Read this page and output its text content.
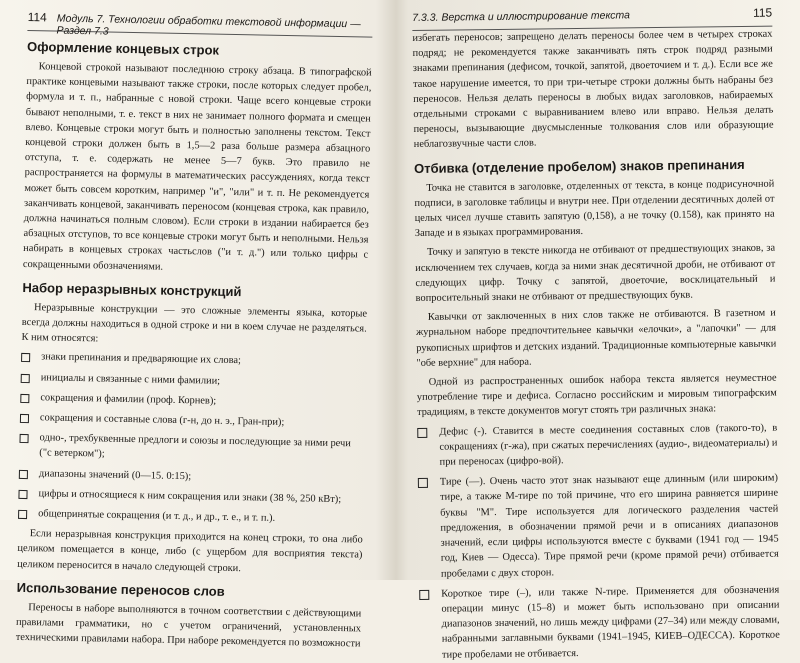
114 Модуль 7. Технологии обработки текстовой информации — Раздел 7.3
Оформление концевых строк

Концевой строкой называют последнюю строку абзаца. В типографской практике концевыми называют также строки, после которых следует пробел, формула и т. п., набранные с новой строки. Чаще всего концевые строки бывают неполными, т. е. текст в них не занимает полного формата и смещен влево. Концевые строки могут быть и полностью заполнены текстом. Текст концевой строки должен быть в 1,5—2 раза больше размера абзацного отступа, т. е. содержать не менее 5—7 букв. Это правило не распространяется на формулы в математических рассуждениях, когда текст может быть совсем коротким, например "и", "или" и т. п. Не рекомендуется заканчивать концевой, заканчивать переносом (концевая строка, как правило, должна начинаться полным словом). Если строки в издании набирается без абзацных отступов, то все концевые строки могут быть и неполными. Нельзя набирать в концевых строках частьслов ("и т. д.") или только цифры с сокращенными обозначениями.

Набор неразрывных конструкций

Неразрывные конструкции — это сложные элементы языка, которые всегда должны находиться в одной строке и ни в коем случае не разделяться. К ним относятся:

знаки препинания и предваряющие их слова;
инициалы и связанные с ними фамилии;
сокращения и фамилии (проф. Корнев);
сокращения и составные слова (г-н, до н. э., Гран-при);
одно-, трехбуквенные предлоги и союзы и последующие за ними речи ("с ветерком");
диапазоны значений (0—15. 0:15);
цифры и относящиеся к ним сокращения или знаки (38 %, 250 кВт);
общепринятые сокращения (и т. д., и др., т. е., и т. п.).

Если неразрывная конструкция приходится на конец строки, то она либо целиком помещается в конце, либо (с ущербом для восприятия текста) целиком переносится в начало следующей строки.

Использование переносов слов

Переносы в наборе выполняются в точном соответствии с действующими правилами грамматики, но с учетом ограничений, установленных техническими правилами набора. При наборе рекомендуется по возможности

7.3.3. Верстка и иллюстрирование текста	115

избегать переносов; запрещено делать переносы более чем в четырех строках подряд; не рекомендуется также заканчивать пять строк подряд разными знаками препинания (дефисом, точкой, запятой, двоеточием и т. д.). Если все же такое нарушение имеется, то при три-четыре строки должны быть набраны без переносов. Нельзя делать переносы в любых видах заголовков, набираемых отдельными строками с выравниванием влево или вправо. Нельзя делать переносы, вызывающие двусмысленные толкования слов или образующие неблагозвучные части слов.

Отбивка (отделение пробелом) знаков препинания

Точка не ставится в заголовке, отделенных от текста, в конце подрисуночной подписи, в заголовке таблицы и внутри нее. При отделении десятичных долей от целых чисел лучше ставить запятую (0,158), а не точку (0.158), как принято на Западе и в языках программирования.

Точку и запятую в тексте никогда не отбивают от предшествующих знаков, за исключением тех случаев, когда за ними знак десятичной дроби, не отбивают от следующих цифр. Точку с запятой, двоеточие, восклицательный и вопросительный знаки не отбивают от предшествующих букв.

Кавычки от заключенных в них слов также не отбиваются. В газетном и журнальном наборе предпочтительнее кавычки «елочки», а "лапочки" — для рукописных шрифтов и детских изданий. Традиционные компьютерные кавычки "обе верхние" для набора.

Одной из распространенных ошибок набора текста является неуместное употребление тире и дефиса. Согласно российским и мировым типографским традициям, в тексте документов могут стоять три различных знака:

Дефис (-). Ставится в месте соединения составных слов (такого-то), в сокращениях (г-жа), при сжатых перечислениях (аудио-, видеоматериалы) и при переносах (цифро-вой).
Тире (—). Очень часто этот знак называют еще длинным (или широким) тире, а также М-тире по той причине, что его ширина равняется ширине буквы "М". Тире используется для логического разделения частей предложения, в обозначении прямой речи и в описаниях диапазонов значений, если цифры используются вместе с буквами (1941 год — 1945 год, Киев — Одесса). Тире прямой речи (кроме прямой речи) отбивается пробелами с двух сторон.
Короткое тире (–), или также N-тире. Применяется для обозначения операции минус (15–8) и может быть использовано при описании диапазонов значений, но лишь между цифрами (27–34) или между словами, набранными заглавными буквами (1941–1945, КИЕВ–ОДЕССА). Короткое тире пробелами не отбивается.
